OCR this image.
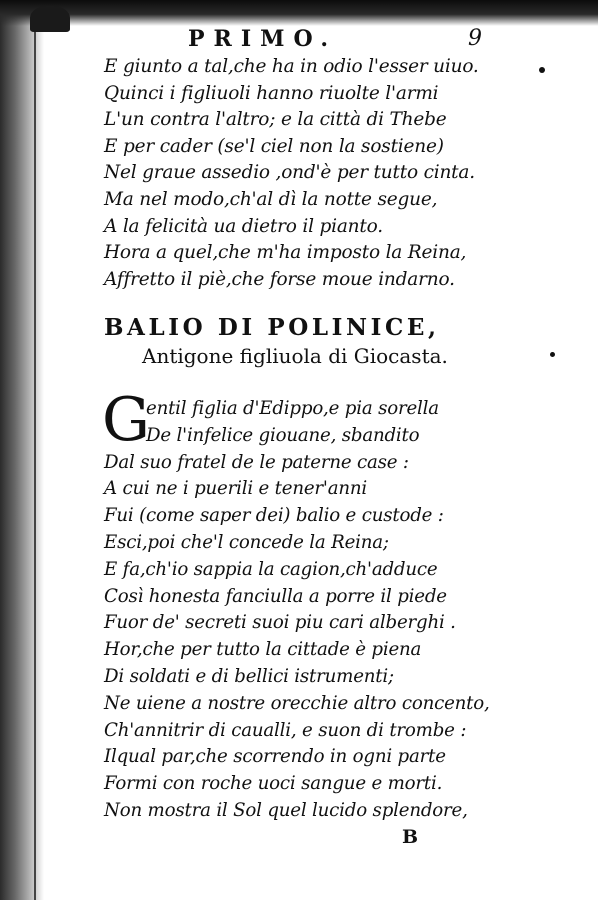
PRIMO.	9
E giunto a tal,che ha in odio l'esser uiuo.
Quinci i figliuoli hanno riuolte l'armi
L'un contra l'altro; e la città di Thebe
E per cader (se'l ciel non la sostiene)
Nel graue assedio ,ond'è per tutto cinta.
Ma nel modo,ch'al dì la notte segue,
A la felicità ua dietro il pianto.
Hora a quel,che m'ha imposto la Reina,
Affretto il piè,che forse moue indarno.
BALIO DI POLINICE,
Antigone figliuola di Giocasta.
G
entil figlia d'Edippo,e pia sorella
De l'infelice giouane, sbandito
Dal suo fratel de le paterne case :
A cui ne i puerili e tener'anni
Fui (come saper dei) balio e custode :
Esci,poi che'l concede la Reina;
E fa,ch'io sappia la cagion,ch'adduce
Così honesta fanciulla a porre il piede
Fuor de' secreti suoi piu cari alberghi .
Hor,che per tutto la cittade è piena
Di soldati e di bellici istrumenti;
Ne uiene a nostre orecchie altro concento,
Ch'annitrir di caualli, e suon di trombe :
Ilqual par,che scorrendo in ogni parte
Formi con roche uoci sangue e morti.
Non mostra il Sol quel lucido splendore,
B
